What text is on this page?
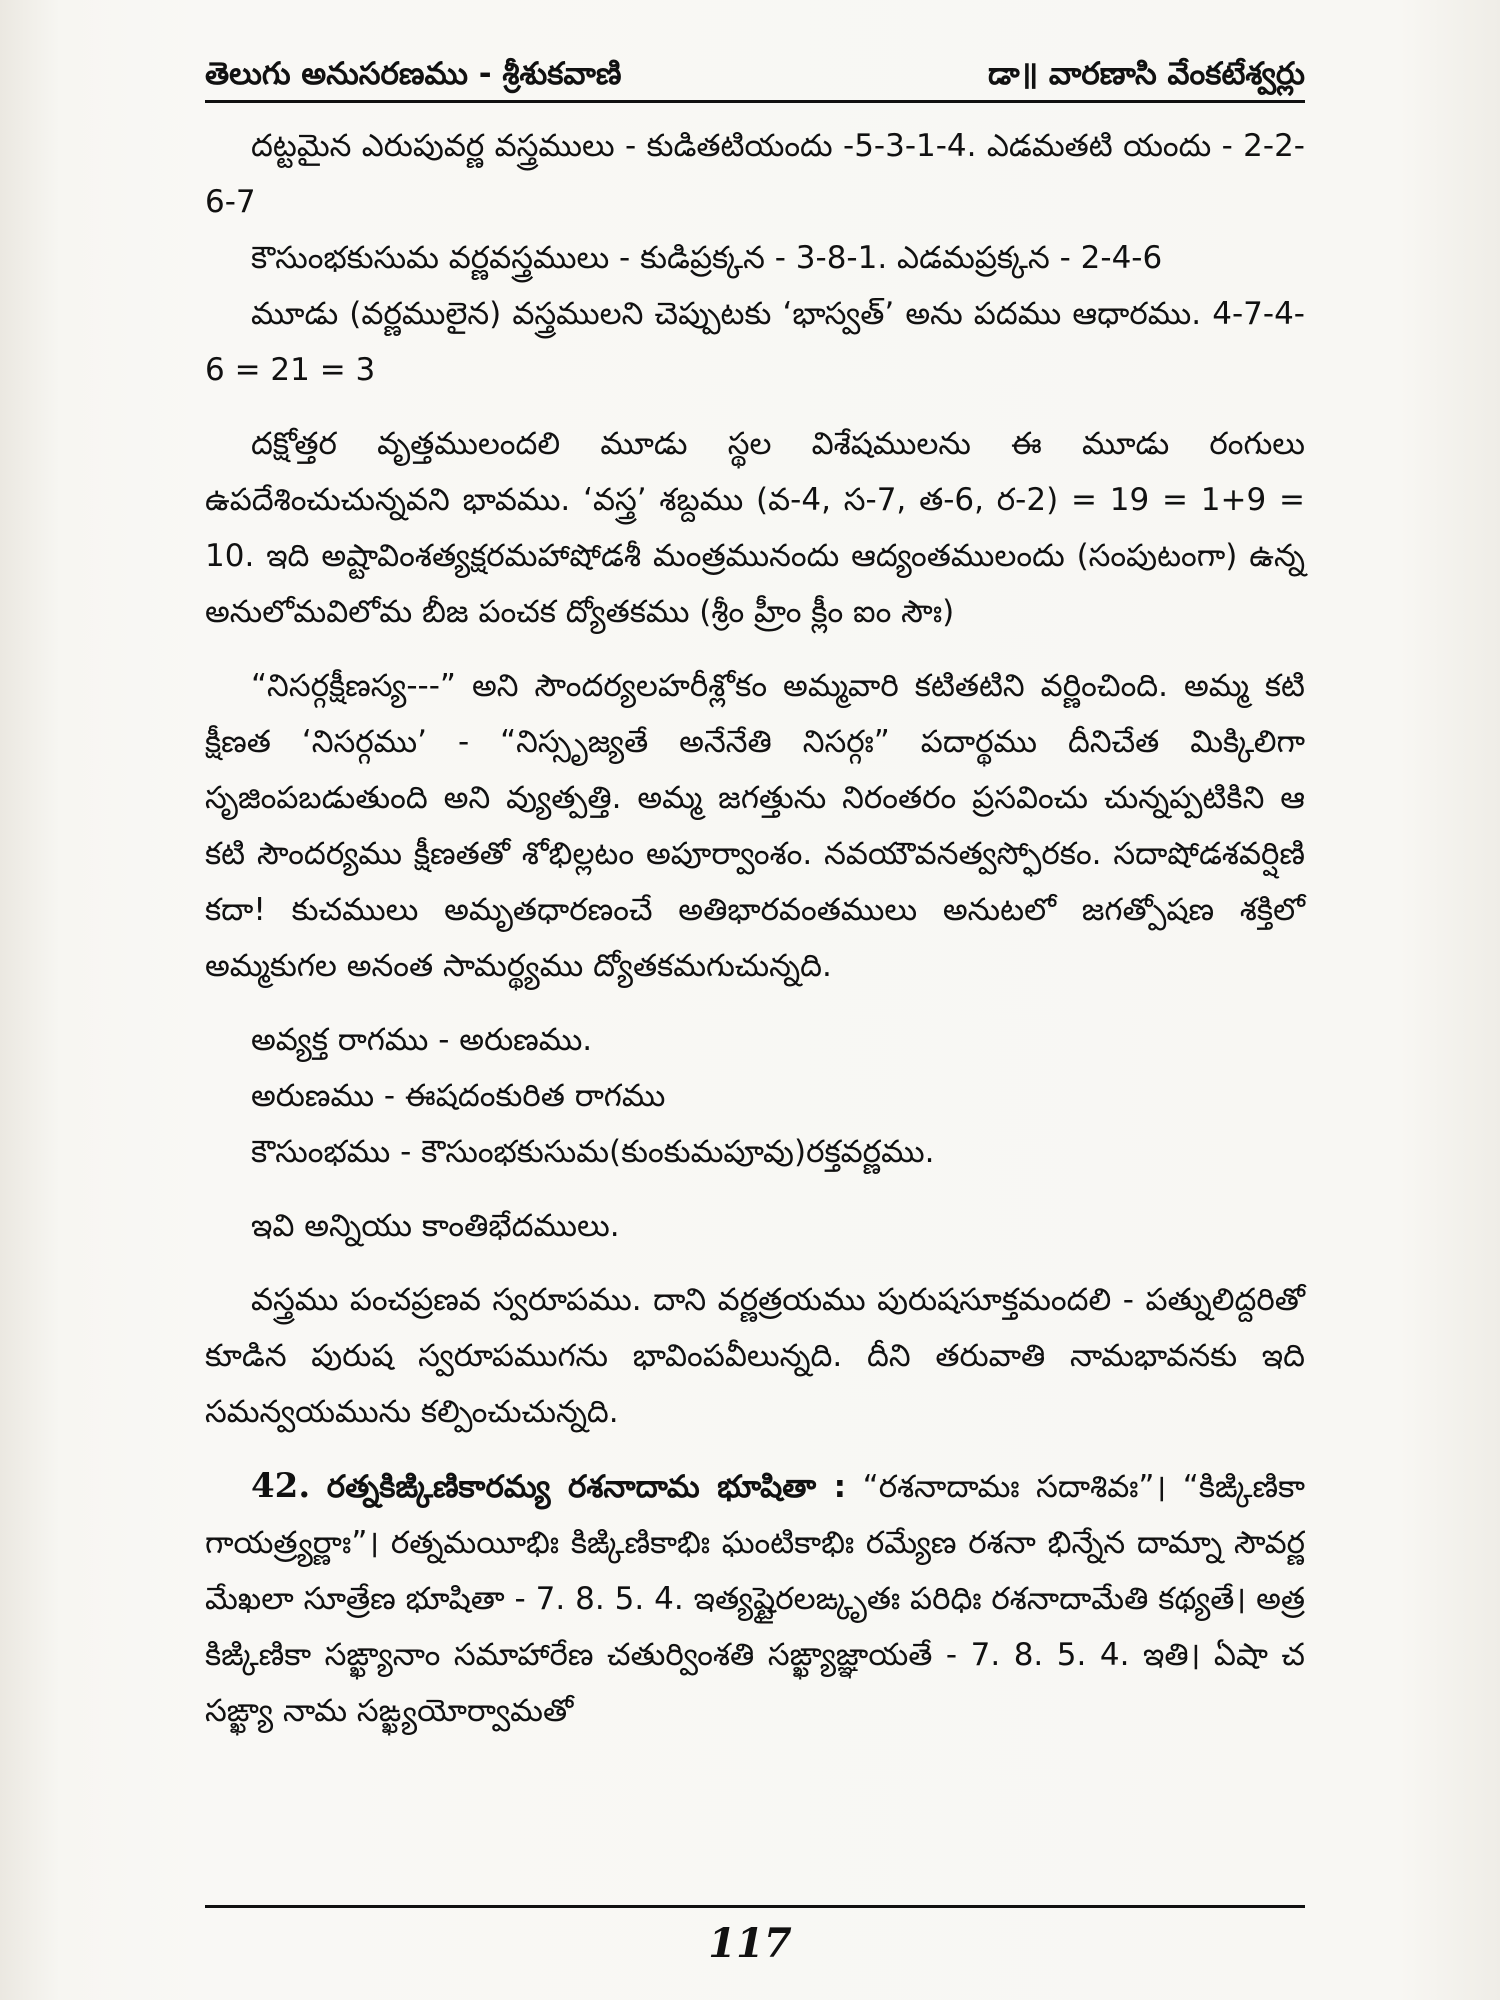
తెలుగు అనుసరణము - శ్రీశుకవాణి	డా॥ వారణాసి వేంకటేశ్వర్లు

దట్టమైన ఎరుపువర్ణ వస్త్రములు - కుడితటియందు -5-3-1-4. ఎడమతటి యందు - 2-2-6-7

కౌసుంభకుసుమ వర్ణవస్త్రములు - కుడిప్రక్కన - 3-8-1. ఎడమప్రక్కన - 2-4-6

మూడు (వర్ణములైన) వస్త్రములని చెప్పుటకు ‘భాస్వత్’ అను పదము ఆధారము. 4-7-4-6 = 21 = 3

దక్షోత్తర వృత్తములందలి మూడు స్థల విశేషములను ఈ మూడు రంగులు ఉపదేశించుచున్నవని భావము. ‘వస్త్ర’ శబ్దము (వ-4, స-7, త-6, ర-2) = 19 = 1+9 = 10. ఇది అష్టావింశత్యక్షరమహాషోడశీ మంత్రమునందు ఆద్యంతములందు (సంపుటంగా) ఉన్న అనులోమవిలోమ బీజ పంచక ద్యోతకము (శ్రీం హ్రీం క్లీం ఐం సౌః)

“నిసర్గక్షీణస్య---” అని సౌందర్యలహరీశ్లోకం అమ్మవారి కటితటిని వర్ణించింది. అమ్మ కటి క్షీణత ‘నిసర్గము’ - “నిస్సృజ్యతే అనేనేతి నిసర్గః” పదార్థము దీనిచేత మిక్కిలిగా సృజింపబడుతుంది అని వ్యుత్పత్తి. అమ్మ జగత్తును నిరంతరం ప్రసవించు చున్నప్పటికిని ఆ కటి సౌందర్యము క్షీణతతో శోభిల్లటం అపూర్వాంశం. నవయౌవనత్వస్ఫోరకం. సదాషోడశవర్షిణి కదా! కుచములు అమృతధారణంచే అతిభారవంతములు అనుటలో జగత్పోషణ శక్తిలో అమ్మకుగల అనంత సామర్థ్యము ద్యోతకమగుచున్నది.

అవ్యక్త రాగము - అరుణము.

అరుణము - ఈషదంకురిత రాగము

కౌసుంభము - కౌసుంభకుసుమ(కుంకుమపూవు)రక్తవర్ణము.

ఇవి అన్నియు కాంతిభేదములు.

వస్త్రము పంచప్రణవ స్వరూపము. దాని వర్ణత్రయము పురుషసూక్తమందలి - పత్నులిద్దరితో కూడిన పురుష స్వరూపముగను భావింపవీలున్నది. దీని తరువాతి నామభావనకు ఇది సమన్వయమును కల్పించుచున్నది.

42. రత్నకిఙ్కిణికారమ్య రశనాదామ భూషితా : “రశనాదామః సదాశివః”। “కిఙ్కిణికా గాయత్ర్యర్ణాః”। రత్నమయీభిః కిఙ్కిణికాభిః ఘంటికాభిః రమ్యేణ రశనా భిన్నేన దామ్నా సౌవర్ణ మేఖలా సూత్రేణ భూషితా - 7. 8. 5. 4. ఇత్యష్టైరలఙ్కృతః పరిధిః రశనాదామేతి కథ్యతే। అత్ర కిఙ్కిణికా సఙ్ఖ్యానాం సమాహారేణ చతుర్వింశతి సఙ్ఖ్యాజ్ఞాయతే - 7. 8. 5. 4. ఇతి। ఏషా చ సఙ్ఖ్యా నామ సఙ్ఖ్యయోర్వామతో

117
